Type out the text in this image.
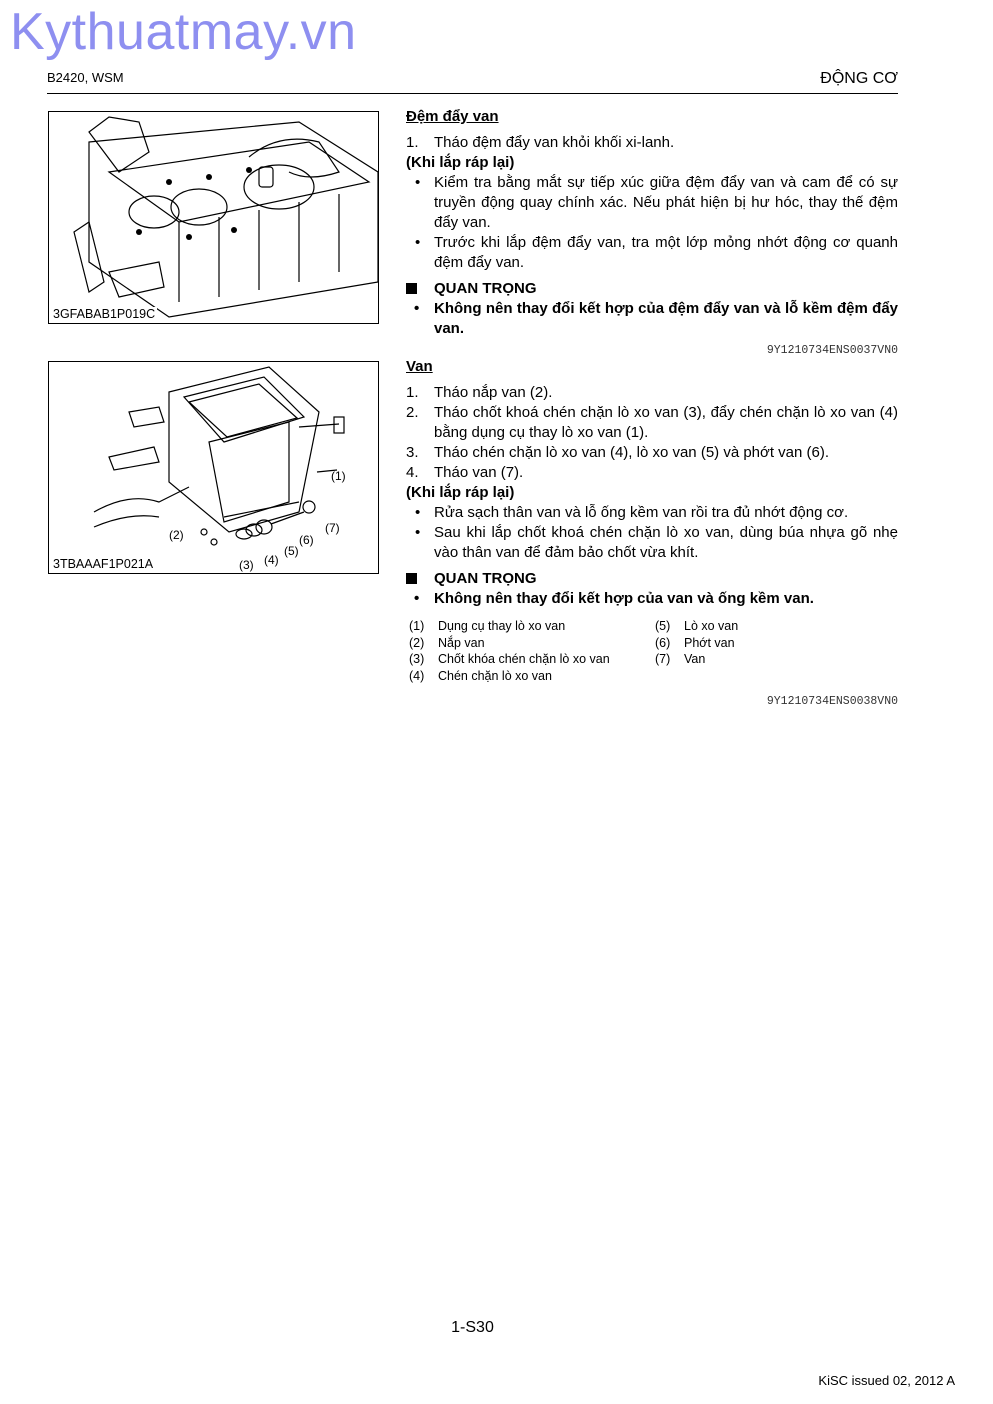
Kythuatmay.vn
B2420, WSM	ĐỘNG CƠ
3GFABAB1P019C
(1)
(2)
(3) (4)
(5)
(6)
(7)
3TBAAAF1P021A
Đệm đẩy van
1. Tháo đệm đẩy van khỏi khối xi-lanh.
(Khi lắp ráp lại)
• Kiểm tra bằng mắt sự tiếp xúc giữa đệm đẩy van và cam để có sự truyền động quay chính xác. Nếu phát hiện bị hư hóc, thay thế đệm đẩy van.
• Trước khi lắp đệm đẩy van, tra một lớp mỏng nhớt động cơ quanh đệm đẩy van.
QUAN TRỌNG
• Không nên thay đổi kết hợp của đệm đẩy van và lỗ kềm đệm đẩy van.
9Y1210734ENS0037VN0
Van
1. Tháo nắp van (2).
2. Tháo chốt khoá chén chặn lò xo van (3), đẩy chén chặn lò xo van (4) bằng dụng cụ thay lò xo van (1).
3. Tháo chén chặn lò xo van (4), lò xo van (5) và phớt van (6).
4. Tháo van (7).
(Khi lắp ráp lại)
• Rửa sạch thân van và lỗ ống kềm van rồi tra đủ nhớt động cơ.
• Sau khi lắp chốt khoá chén chặn lò xo van, dùng búa nhựa gõ nhẹ vào thân van để đảm bảo chốt vừa khít.
QUAN TRỌNG
• Không nên thay đổi kết hợp của van và ống kềm van.
(1) Dụng cụ thay lò xo van
(2) Nắp van
(3) Chốt khóa chén chặn lò xo van
(4) Chén chặn lò xo van
(5) Lò xo van
(6) Phớt van
(7) Van
9Y1210734ENS0038VN0
1-S30
KiSC issued 02, 2012 A
